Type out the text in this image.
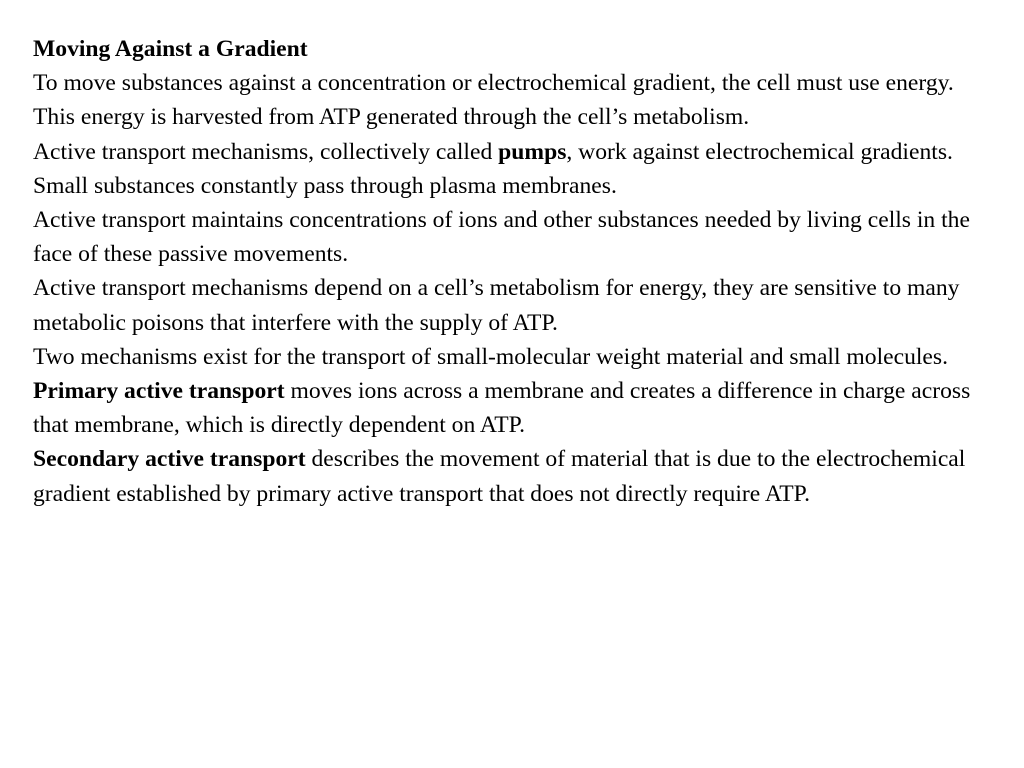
Moving Against a Gradient

To move substances against a concentration or electrochemical gradient, the cell must use energy. This energy is harvested from ATP generated through the cell’s metabolism.

Active transport mechanisms, collectively called pumps, work against electrochemical gradients.

Small substances constantly pass through plasma membranes.

Active transport maintains concentrations of ions and other substances needed by living cells in the face of these passive movements.

Active transport mechanisms depend on a cell’s metabolism for energy, they are sensitive to many metabolic poisons that interfere with the supply of ATP.

Two mechanisms exist for the transport of small-molecular weight material and small molecules.

Primary active transport moves ions across a membrane and creates a difference in charge across that membrane, which is directly dependent on ATP.

Secondary active transport describes the movement of material that is due to the electrochemical gradient established by primary active transport that does not directly require ATP.
